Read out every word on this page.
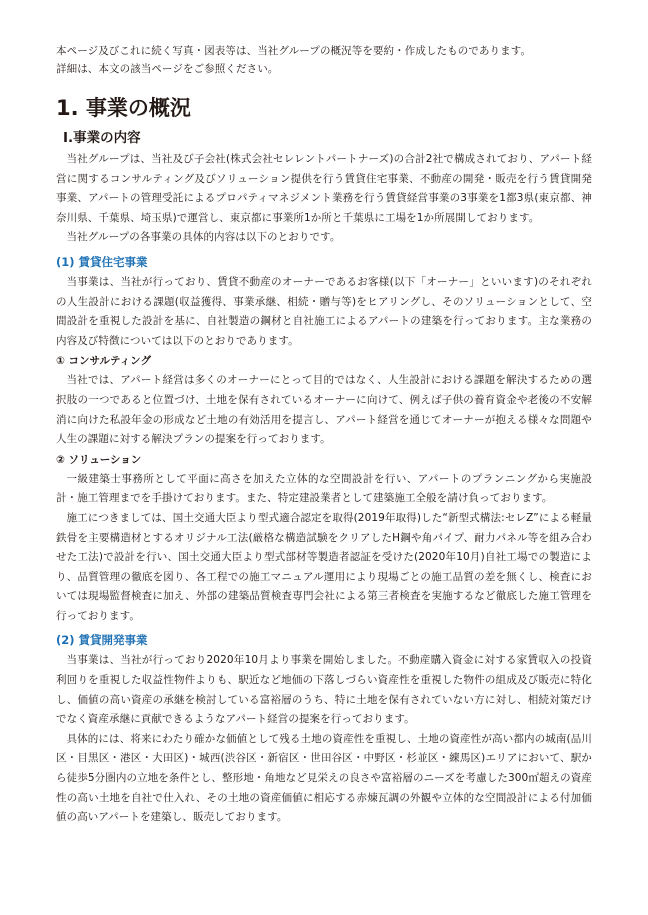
本ページ及びこれに続く写真・図表等は、当社グループの概況等を要約・作成したものであります。

詳細は、本文の該当ページをご参照ください。

1. 事業の概況
Ⅰ.事業の内容

当社グループは、当社及び子会社(株式会社セレレントパートナーズ)の合計2社で構成されており、アパート経営に関するコンサルティング及びソリューション提供を行う賃貸住宅事業、不動産の開発・販売を行う賃貸開発事業、アパートの管理受託によるプロパティマネジメント業務を行う賃貸経営事業の3事業を1都3県(東京都、神奈川県、千葉県、埼玉県)で運営し、東京都に事業所1か所と千葉県に工場を1か所展開しております。

当社グループの各事業の具体的内容は以下のとおりです。

(1) 賃貸住宅事業

当事業は、当社が行っており、賃貸不動産のオーナーであるお客様(以下「オーナー」といいます)のそれぞれの人生設計における課題(収益獲得、事業承継、相続・贈与等)をヒアリングし、そのソリューションとして、空間設計を重視した設計を基に、自社製造の鋼材と自社施工によるアパートの建築を行っております。主な業務の内容及び特徴については以下のとおりであります。

① コンサルティング

当社では、アパート経営は多くのオーナーにとって目的ではなく、人生設計における課題を解決するための選択肢の一つであると位置づけ、土地を保有されているオーナーに向けて、例えば子供の養育資金や老後の不安解消に向けた私設年金の形成など土地の有効活用を提言し、アパート経営を通じてオーナーが抱える様々な問題や人生の課題に対する解決プランの提案を行っております。

② ソリューション

一級建築士事務所として平面に高さを加えた立体的な空間設計を行い、アパートのプランニングから実施設計・施工管理までを手掛けております。また、特定建設業者として建築施工全般を請け負っております。

施工につきましては、国土交通大臣より型式適合認定を取得(2019年取得)した“新型式構法:セレZ”による軽量鉄骨を主要構造材とするオリジナル工法(厳格な構造試験をクリアしたH鋼や角パイプ、耐力パネル等を組み合わせた工法)で設計を行い、国土交通大臣より型式部材等製造者認証を受けた(2020年10月)自社工場での製造により、品質管理の徹底を図り、各工程での施工マニュアル運用により現場ごとの施工品質の差を無くし、検査においては現場監督検査に加え、外部の建築品質検査専門会社による第三者検査を実施するなど徹底した施工管理を行っております。

(2) 賃貸開発事業

当事業は、当社が行っており2020年10月より事業を開始しました。不動産購入資金に対する家賃収入の投資利回りを重視した収益性物件よりも、駅近など地価の下落しづらい資産性を重視した物件の組成及び販売に特化し、価値の高い資産の承継を検討している富裕層のうち、特に土地を保有されていない方に対し、相続対策だけでなく資産承継に貢献できるようなアパート経営の提案を行っております。

具体的には、将来にわたり確かな価値として残る土地の資産性を重視し、土地の資産性が高い都内の城南(品川区・目黒区・港区・大田区)・城西(渋谷区・新宿区・世田谷区・中野区・杉並区・練馬区)エリアにおいて、駅から徒歩5分圏内の立地を条件とし、整形地・角地など見栄えの良さや富裕層のニーズを考慮した300㎡超えの資産性の高い土地を自社で仕入れ、その土地の資産価値に相応する赤煉瓦調の外観や立体的な空間設計による付加価値の高いアパートを建築し、販売しております。
